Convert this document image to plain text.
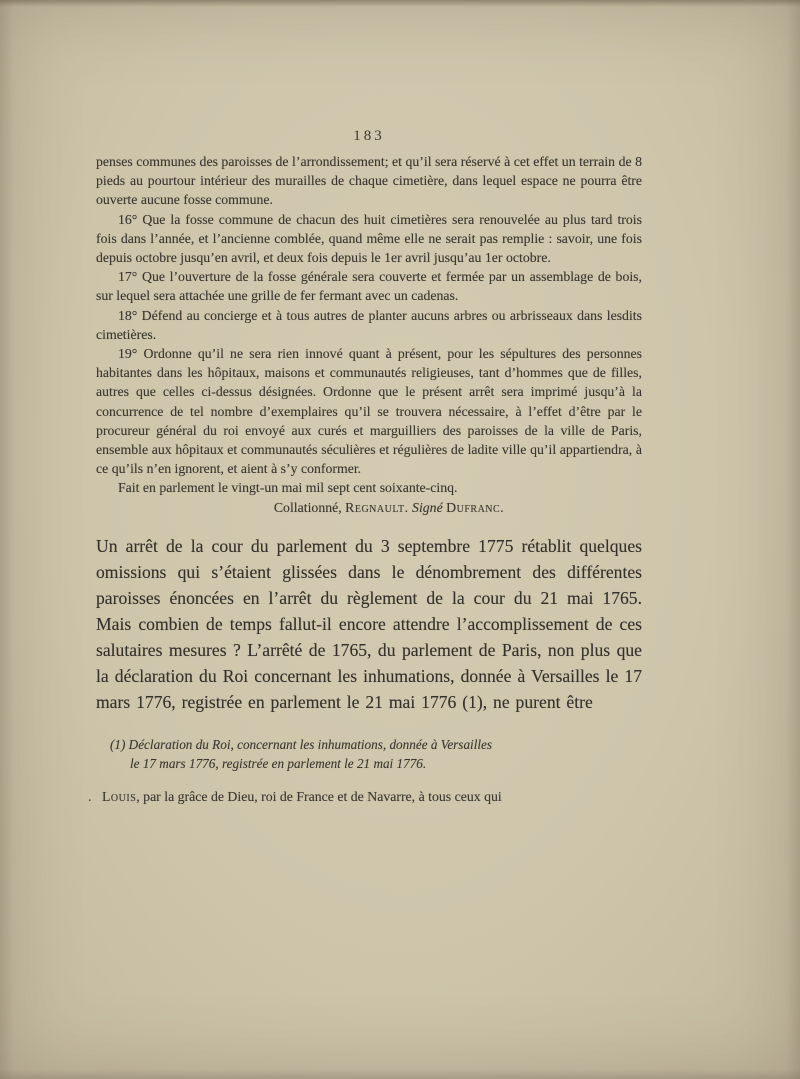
183

penses communes des paroisses de l’arrondissement; et qu’il sera réservé à cet effet un terrain de 8 pieds au pourtour intérieur des murailles de chaque cimetière, dans lequel espace ne pourra être ouverte aucune fosse commune.

16° Que la fosse commune de chacun des huit cimetières sera renouvelée au plus tard trois fois dans l’année, et l’ancienne comblée, quand même elle ne serait pas remplie : savoir, une fois depuis octobre jusqu’en avril, et deux fois depuis le 1er avril jusqu’au 1er octobre.

17° Que l’ouverture de la fosse générale sera couverte et fermée par un assemblage de bois, sur lequel sera attachée une grille de fer fermant avec un cadenas.

18° Défend au concierge et à tous autres de planter aucuns arbres ou arbrisseaux dans lesdits cimetières.

19° Ordonne qu’il ne sera rien innové quant à présent, pour les sépultures des personnes habitantes dans les hôpitaux, maisons et communautés religieuses, tant d’hommes que de filles, autres que celles ci-dessus désignées. Ordonne que le présent arrêt sera imprimé jusqu’à la concurrence de tel nombre d’exemplaires qu’il se trouvera nécessaire, à l’effet d’être par le procureur général du roi envoyé aux curés et marguilliers des paroisses de la ville de Paris, ensemble aux hôpitaux et communautés séculières et régulières de ladite ville qu’il appartiendra, à ce qu’ils n’en ignorent, et aient à s’y conformer.

Fait en parlement le vingt-un mai mil sept cent soixante-cinq.

Collationné, Regnault. Signé Dufranc.

Un arrêt de la cour du parlement du 3 septembre 1775 rétablit quelques omissions qui s’étaient glissées dans le dénombrement des différentes paroisses énoncées en l’arrêt du règlement de la cour du 21 mai 1765. Mais combien de temps fallut-il encore attendre l’accomplissement de ces salutaires mesures ? L’arrêté de 1765, du parlement de Paris, non plus que la déclaration du Roi concernant les inhumations, donnée à Versailles le 17 mars 1776, registrée en parlement le 21 mai 1776 (1), ne purent être

(1) Déclaration du Roi, concernant les inhumations, donnée à Versailles

le 17 mars 1776, registrée en parlement le 21 mai 1776.

. Louis, par la grâce de Dieu, roi de France et de Navarre, à tous ceux qui
